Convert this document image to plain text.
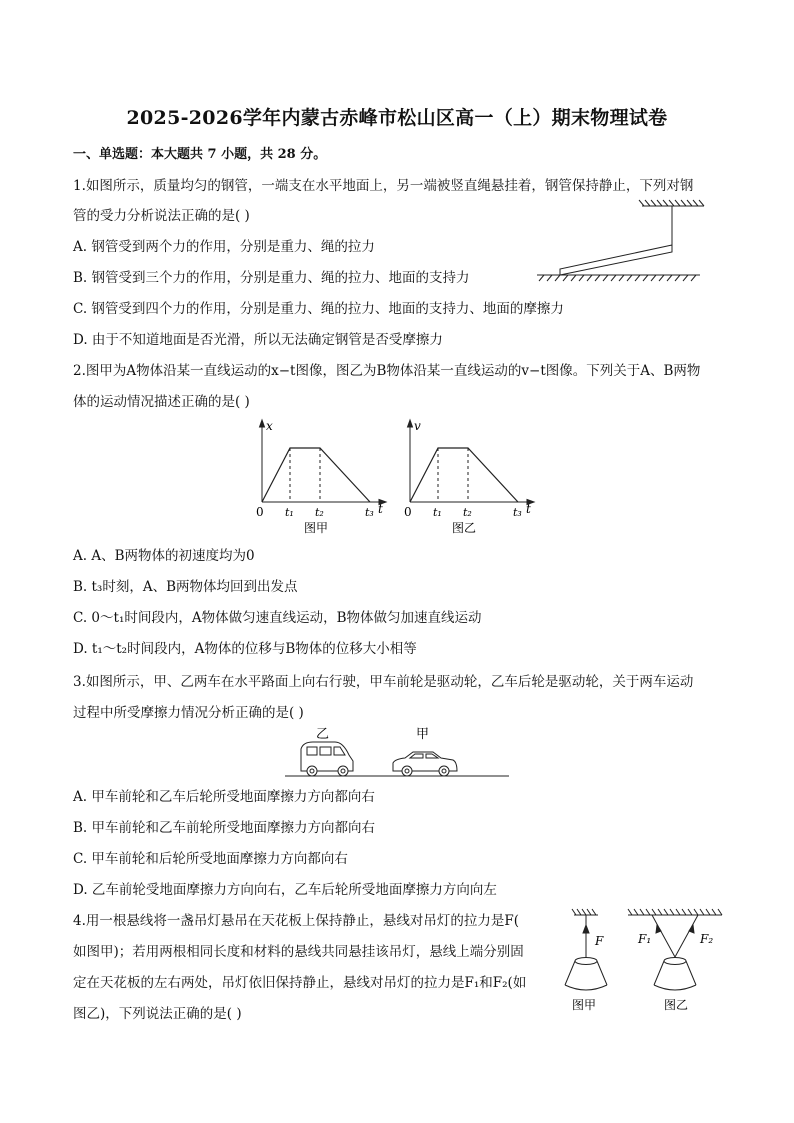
2025-2026学年内蒙古赤峰市松山区高一（上）期末物理试卷
一、单选题：本大题共 7 小题，共 28 分。
1.如图所示，质量均匀的钢管，一端支在水平地面上，另一端被竖直绳悬挂着，钢管保持静止，下列对钢
管的受力分析说法正确的是( )
A. 钢管受到两个力的作用，分别是重力、绳的拉力
B. 钢管受到三个力的作用，分别是重力、绳的拉力、地面的支持力
C. 钢管受到四个力的作用，分别是重力、绳的拉力、地面的支持力、地面的摩擦力
D. 由于不知道地面是否光滑，所以无法确定钢管是否受摩擦力
2.图甲为A物体沿某一直线运动的x−t图像，图乙为B物体沿某一直线运动的v−t图像。下列关于A、B两物
体的运动情况描述正确的是( )
x
t
0 t₁ t₂	t₃
图甲
v
t
0 t₁ t₂	t₃
图乙
A. A、B两物体的初速度均为0
B. t₃时刻，A、B两物体均回到出发点
C. 0～t₁时间段内，A物体做匀速直线运动，B物体做匀加速直线运动
D. t₁～t₂时间段内，A物体的位移与B物体的位移大小相等
3.如图所示，甲、乙两车在水平路面上向右行驶，甲车前轮是驱动轮，乙车后轮是驱动轮，关于两车运动
过程中所受摩擦力情况分析正确的是( )
乙	甲
A. 甲车前轮和乙车后轮所受地面摩擦力方向都向右
B. 甲车前轮和乙车前轮所受地面摩擦力方向都向右
C. 甲车前轮和后轮所受地面摩擦力方向都向右
D. 乙车前轮受地面摩擦力方向向右，乙车后轮所受地面摩擦力方向向左
4.用一根悬线将一盏吊灯悬吊在天花板上保持静止，悬线对吊灯的拉力是F(
如图甲)；若用两根相同长度和材料的悬线共同悬挂该吊灯，悬线上端分别固
定在天花板的左右两处，吊灯依旧保持静止，悬线对吊灯的拉力是F₁和F₂(如
图乙)，下列说法正确的是( )
F	F₁	F₂
图甲	图乙
